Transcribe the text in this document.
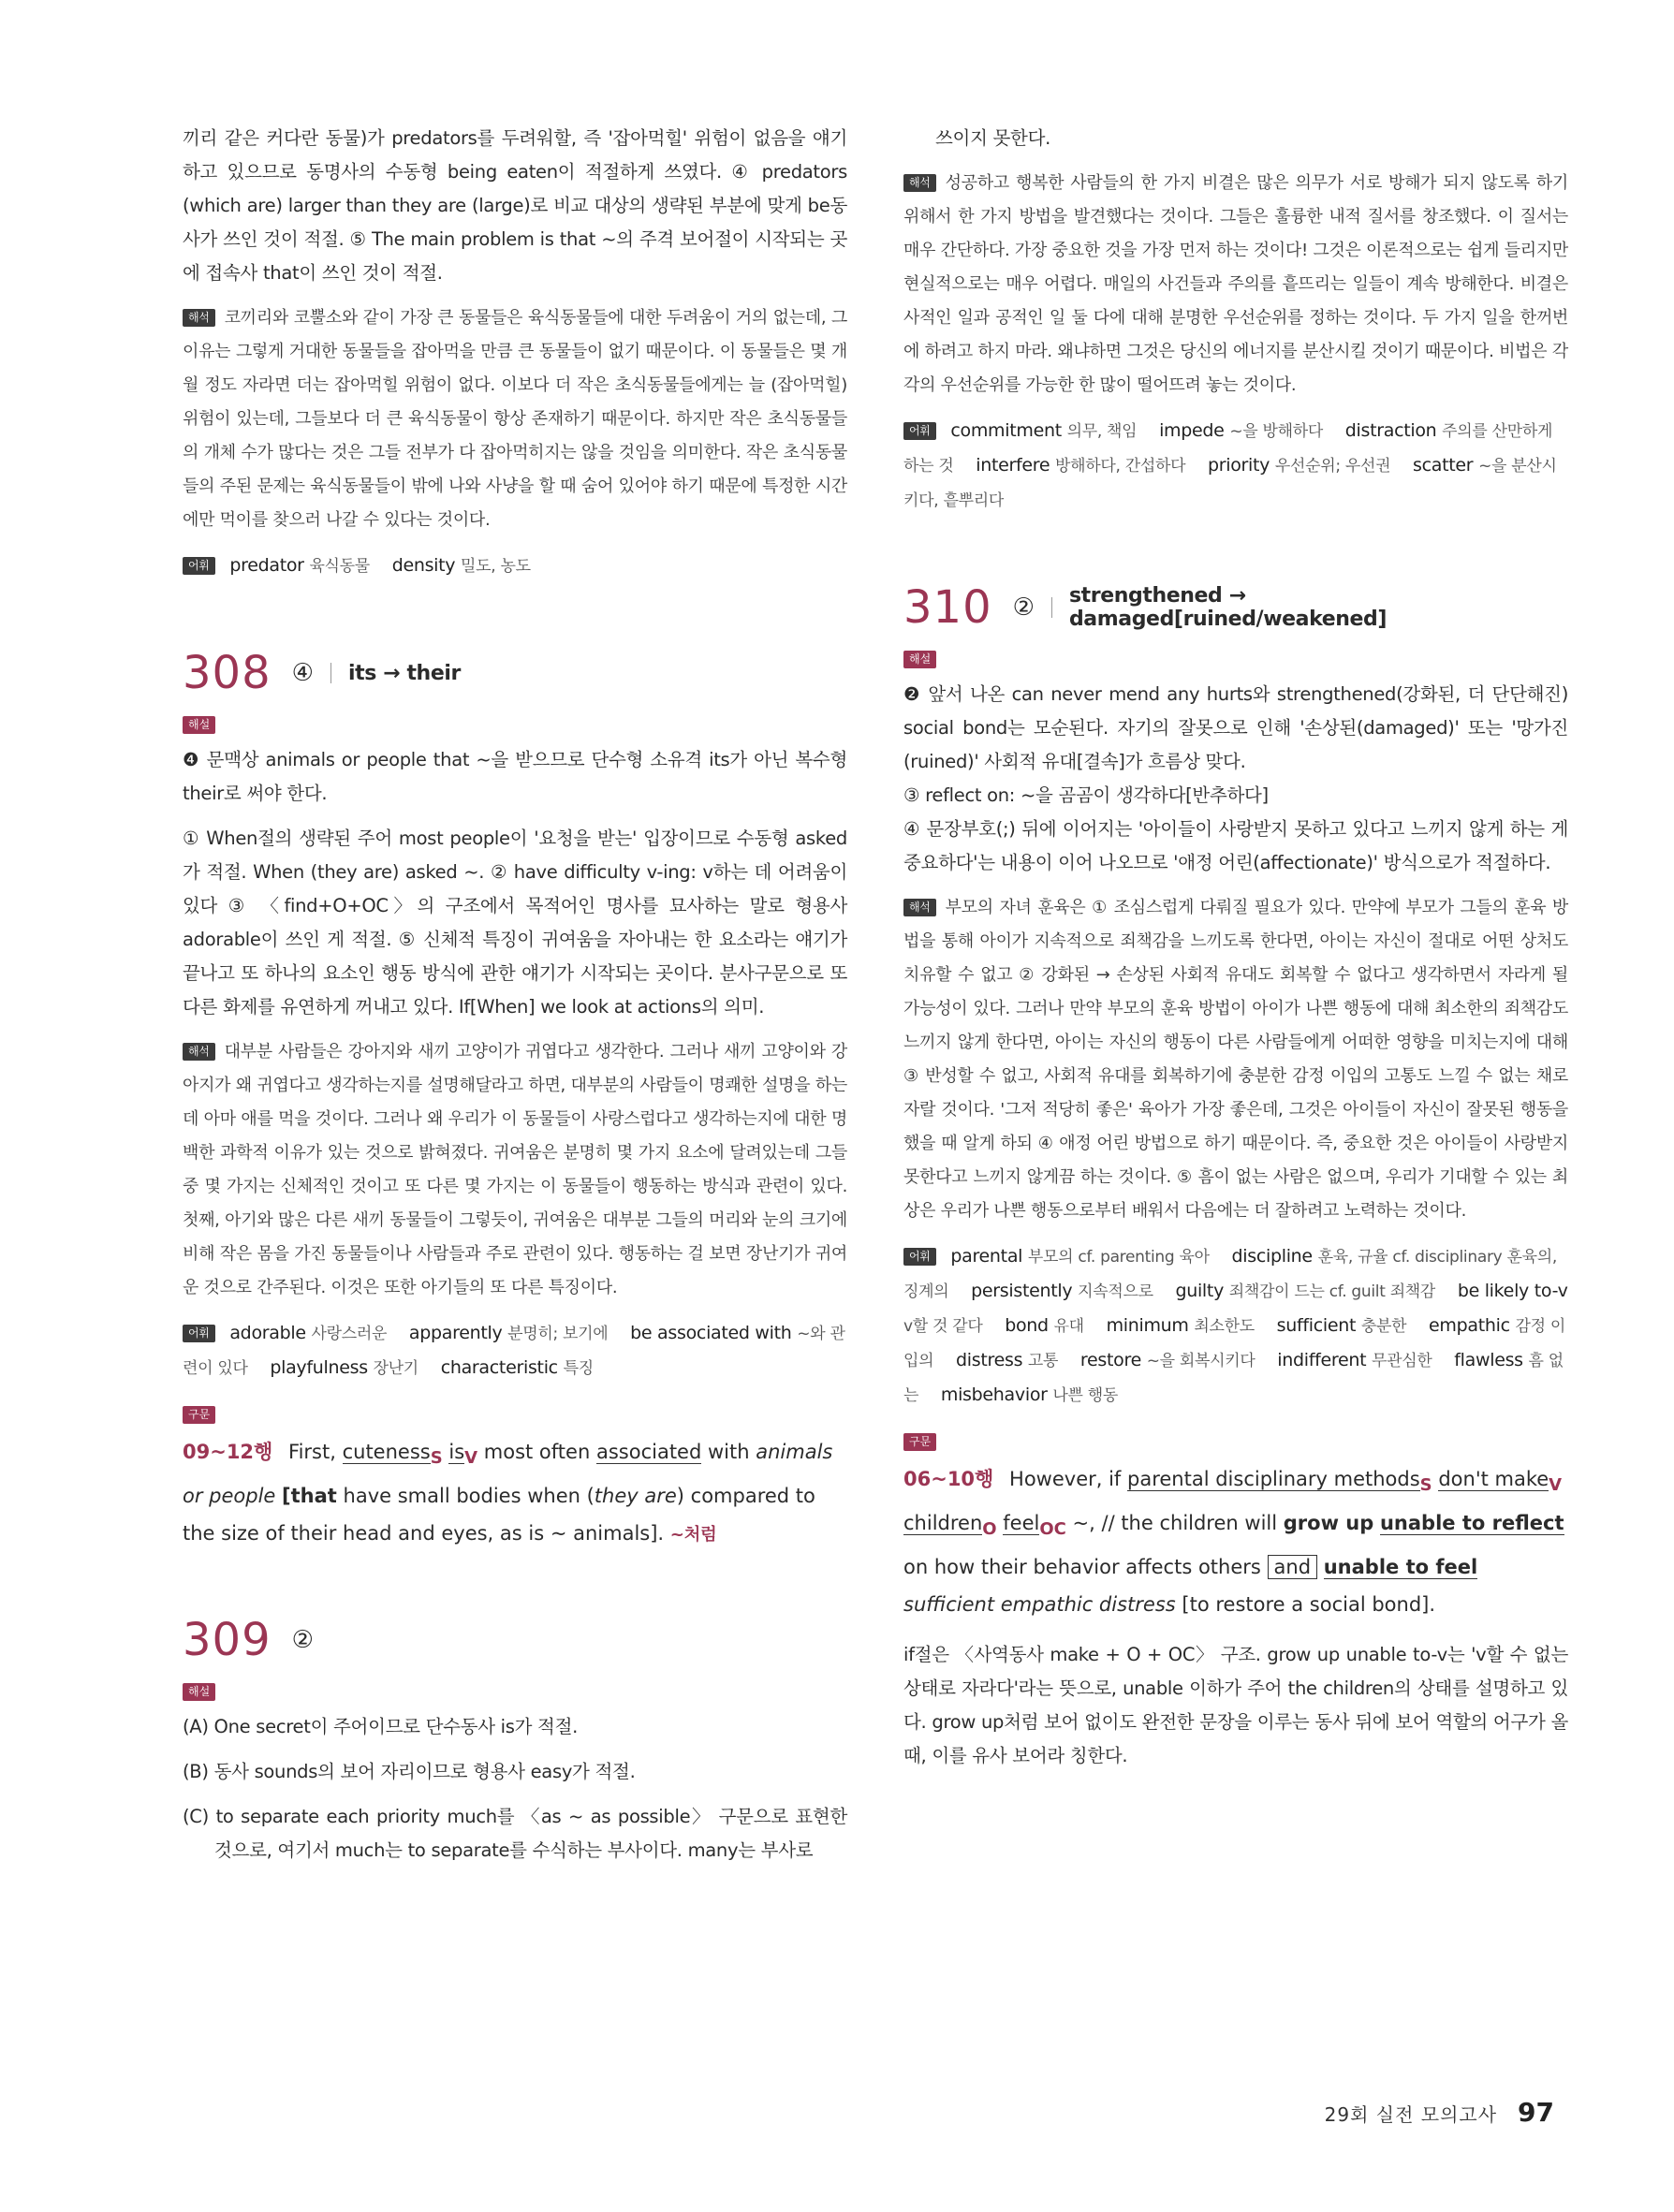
끼리 같은 커다란 동물)가 predators를 두려워할, 즉 '잡아먹힐' 위험이 없음을 얘기하고 있으므로 동명사의 수동형 being eaten이 적절하게 쓰였다. ④ predators (which are) larger than they are (large)로 비교 대상의 생략된 부분에 맞게 be동사가 쓰인 것이 적절. ⑤ The main problem is that ~의 주격 보어절이 시작되는 곳에 접속사 that이 쓰인 것이 적절.

해석 코끼리와 코뿔소와 같이 가장 큰 동물들은 육식동물들에 대한 두려움이 거의 없는데, 그 이유는 그렇게 거대한 동물들을 잡아먹을 만큼 큰 동물들이 없기 때문이다. 이 동물들은 몇 개월 정도 자라면 더는 잡아먹힐 위험이 없다. 이보다 더 작은 초식동물들에게는 늘 (잡아먹힐) 위험이 있는데, 그들보다 더 큰 육식동물이 항상 존재하기 때문이다. 하지만 작은 초식동물들의 개체 수가 많다는 것은 그들 전부가 다 잡아먹히지는 않을 것임을 의미한다. 작은 초식동물들의 주된 문제는 육식동물들이 밖에 나와 사냥을 할 때 숨어 있어야 하기 때문에 특정한 시간에만 먹이를 찾으러 나갈 수 있다는 것이다.

어휘 predator 육식동물 density 밀도, 농도
308 ④ its → their
해설

❹ 문맥상 animals or people that ~을 받으므로 단수형 소유격 its가 아닌 복수형 their로 써야 한다.

① When절의 생략된 주어 most people이 '요청을 받는' 입장이므로 수동형 asked가 적절. When (they are) asked ~. ② have difficulty v-ing: v하는 데 어려움이 있다 ③ 〈find+O+OC〉의 구조에서 목적어인 명사를 묘사하는 말로 형용사 adorable이 쓰인 게 적절. ⑤ 신체적 특징이 귀여움을 자아내는 한 요소라는 얘기가 끝나고 또 하나의 요소인 행동 방식에 관한 얘기가 시작되는 곳이다. 분사구문으로 또 다른 화제를 유연하게 꺼내고 있다. If[When] we look at actions의 의미.

해석 대부분 사람들은 강아지와 새끼 고양이가 귀엽다고 생각한다. 그러나 새끼 고양이와 강아지가 왜 귀엽다고 생각하는지를 설명해달라고 하면, 대부분의 사람들이 명쾌한 설명을 하는 데 아마 애를 먹을 것이다. 그러나 왜 우리가 이 동물들이 사랑스럽다고 생각하는지에 대한 명백한 과학적 이유가 있는 것으로 밝혀졌다. 귀여움은 분명히 몇 가지 요소에 달려있는데 그들 중 몇 가지는 신체적인 것이고 또 다른 몇 가지는 이 동물들이 행동하는 방식과 관련이 있다. 첫째, 아기와 많은 다른 새끼 동물들이 그렇듯이, 귀여움은 대부분 그들의 머리와 눈의 크기에 비해 작은 몸을 가진 동물들이나 사람들과 주로 관련이 있다. 행동하는 걸 보면 장난기가 귀여운 것으로 간주된다. 이것은 또한 아기들의 또 다른 특징이다.

어휘 adorable 사랑스러운 apparently 분명히; 보기에 be associated with ~와 관련이 있다 playfulness 장난기 characteristic 특징
구문

09~12행 First, cuteness$_S$ $is_V$ most often associated with animals or people [that have small bodies when (they are) compared to the size of their head and eyes, as is ~ animals]. ~처럼

309 ②
해설

(A) One secret이 주어이므로 단수동사 is가 적절.

(B) 동사 sounds의 보어 자리이므로 형용사 easy가 적절.

(C) to separate each priority much를 〈as ~ as possible〉 구문으로 표현한 것으로, 여기서 much는 to separate를 수식하는 부사이다. many는 부사로

쓰이지 못한다.

해석 성공하고 행복한 사람들의 한 가지 비결은 많은 의무가 서로 방해가 되지 않도록 하기 위해서 한 가지 방법을 발견했다는 것이다. 그들은 훌륭한 내적 질서를 창조했다. 이 질서는 매우 간단하다. 가장 중요한 것을 가장 먼저 하는 것이다! 그것은 이론적으로는 쉽게 들리지만 현실적으로는 매우 어렵다. 매일의 사건들과 주의를 흩뜨리는 일들이 계속 방해한다. 비결은 사적인 일과 공적인 일 둘 다에 대해 분명한 우선순위를 정하는 것이다. 두 가지 일을 한꺼번에 하려고 하지 마라. 왜냐하면 그것은 당신의 에너지를 분산시킬 것이기 때문이다. 비법은 각각의 우선순위를 가능한 한 많이 떨어뜨려 놓는 것이다.

어휘 commitment 의무, 책임 impede ~을 방해하다 distraction 주의를 산만하게 하는 것 interfere 방해하다, 간섭하다 priority 우선순위; 우선권 scatter ~을 분산시키다, 흩뿌리다
310 ② strengthened → damaged[ruined/weakened]
해설

❷ 앞서 나온 can never mend any hurts와 strengthened(강화된, 더 단단해진) social bond는 모순된다. 자기의 잘못으로 인해 '손상된(damaged)' 또는 '망가진(ruined)' 사회적 유대[결속]가 흐름상 맞다.

③ reflect on: ~을 곰곰이 생각하다[반추하다]

④ 문장부호(;) 뒤에 이어지는 '아이들이 사랑받지 못하고 있다고 느끼지 않게 하는 게 중요하다'는 내용이 이어 나오므로 '애정 어린(affectionate)' 방식으로가 적절하다.

해석 부모의 자녀 훈육은 ① 조심스럽게 다뤄질 필요가 있다. 만약에 부모가 그들의 훈육 방법을 통해 아이가 지속적으로 죄책감을 느끼도록 한다면, 아이는 자신이 절대로 어떤 상처도 치유할 수 없고 ② 강화된 → 손상된 사회적 유대도 회복할 수 없다고 생각하면서 자라게 될 가능성이 있다. 그러나 만약 부모의 훈육 방법이 아이가 나쁜 행동에 대해 최소한의 죄책감도 느끼지 않게 한다면, 아이는 자신의 행동이 다른 사람들에게 어떠한 영향을 미치는지에 대해 ③ 반성할 수 없고, 사회적 유대를 회복하기에 충분한 감정 이입의 고통도 느낄 수 없는 채로 자랄 것이다. '그저 적당히 좋은' 육아가 가장 좋은데, 그것은 아이들이 자신이 잘못된 행동을 했을 때 알게 하되 ④ 애정 어린 방법으로 하기 때문이다. 즉, 중요한 것은 아이들이 사랑받지 못한다고 느끼지 않게끔 하는 것이다. ⑤ 흠이 없는 사람은 없으며, 우리가 기대할 수 있는 최상은 우리가 나쁜 행동으로부터 배워서 다음에는 더 잘하려고 노력하는 것이다.

어휘 parental 부모의 cf. parenting 육아 discipline 훈육, 규율 cf. disciplinary 훈육의, 징계의 persistently 지속적으로 guilty 죄책감이 드는 cf. guilt 죄책감 be likely to-v v할 것 같다 bond 유대 minimum 최소한도 sufficient 충분한 empathic 감정 이입의 distress 고통 restore ~을 회복시키다 indifferent 무관심한 flawless 흠 없는 misbehavior 나쁜 행동
구문

06~10행 However, if parental disciplinary methods$_S$ don't make$_V$ children$_O$ feel$_{OC}$ ~, // the children will grow up unable to reflect on how their behavior affects others and unable to feel sufficient empathic distress [to restore a social bond].

if절은 〈사역동사 make + O + OC〉 구조. grow up unable to-v는 'v할 수 없는 상태로 자라다'라는 뜻으로, unable 이하가 주어 the children의 상태를 설명하고 있다. grow up처럼 보어 없이도 완전한 문장을 이루는 동사 뒤에 보어 역할의 어구가 올 때, 이를 유사 보어라 칭한다.

29회 실전 모의고사 97
